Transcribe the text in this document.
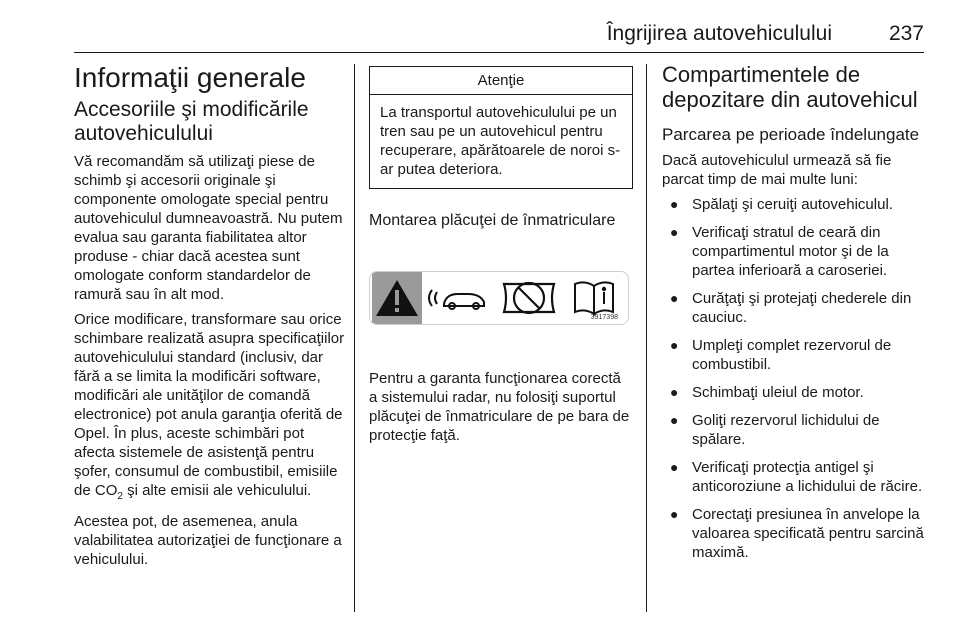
Îngrijirea autovehiculului	237
Informaţii generale
Accesoriile şi modificările autovehiculului

Vă recomandăm să utilizaţi piese de schimb şi accesorii originale şi componente omologate special pentru autovehiculul dumneavoastră. Nu putem evalua sau garanta fiabilitatea altor produse - chiar dacă acestea sunt omologate conform standardelor de ramură sau în alt mod.

Orice modificare, transformare sau orice schimbare realizată asupra specificaţiilor autovehiculului standard (inclusiv, dar fără a se limita la modificări software, modificări ale unităţilor de comandă electronice) pot anula garanţia oferită de Opel. În plus, aceste schimbări pot afecta sistemele de asistenţă pentru şofer, consumul de combustibil, emisiile de $CO_2$ şi alte emisii ale vehiculului.

Acestea pot, de asemenea, anula valabilitatea autorizaţiei de funcţionare a vehiculului.

Atenţie
La transportul autovehiculului pe un tren sau pe un autovehicul pentru recuperare, apărătoarele de noroi s-ar putea deteriora.
Montarea plăcuţei de înmatriculare
3917398

Pentru a garanta funcţionarea corectă a sistemului radar, nu folosiţi suportul plăcuţei de înmatriculare de pe bara de protecţie faţă.

Compartimentele de depozitare din autovehicul
Parcarea pe perioade îndelungate

Dacă autovehiculul urmează să fie parcat timp de mai multe luni:

● Spălaţi şi ceruiţi autovehiculul.
● Verificaţi stratul de ceară din compartimentul motor şi de la partea inferioară a caroseriei.
● Curăţaţi şi protejaţi chederele din cauciuc.
● Umpleţi complet rezervorul de combustibil.
● Schimbaţi uleiul de motor.
● Goliţi rezervorul lichidului de spălare.
● Verificaţi protecţia antigel şi anticoroziune a lichidului de răcire.
● Corectaţi presiunea în anvelope la valoarea specificată pentru sarcină maximă.
